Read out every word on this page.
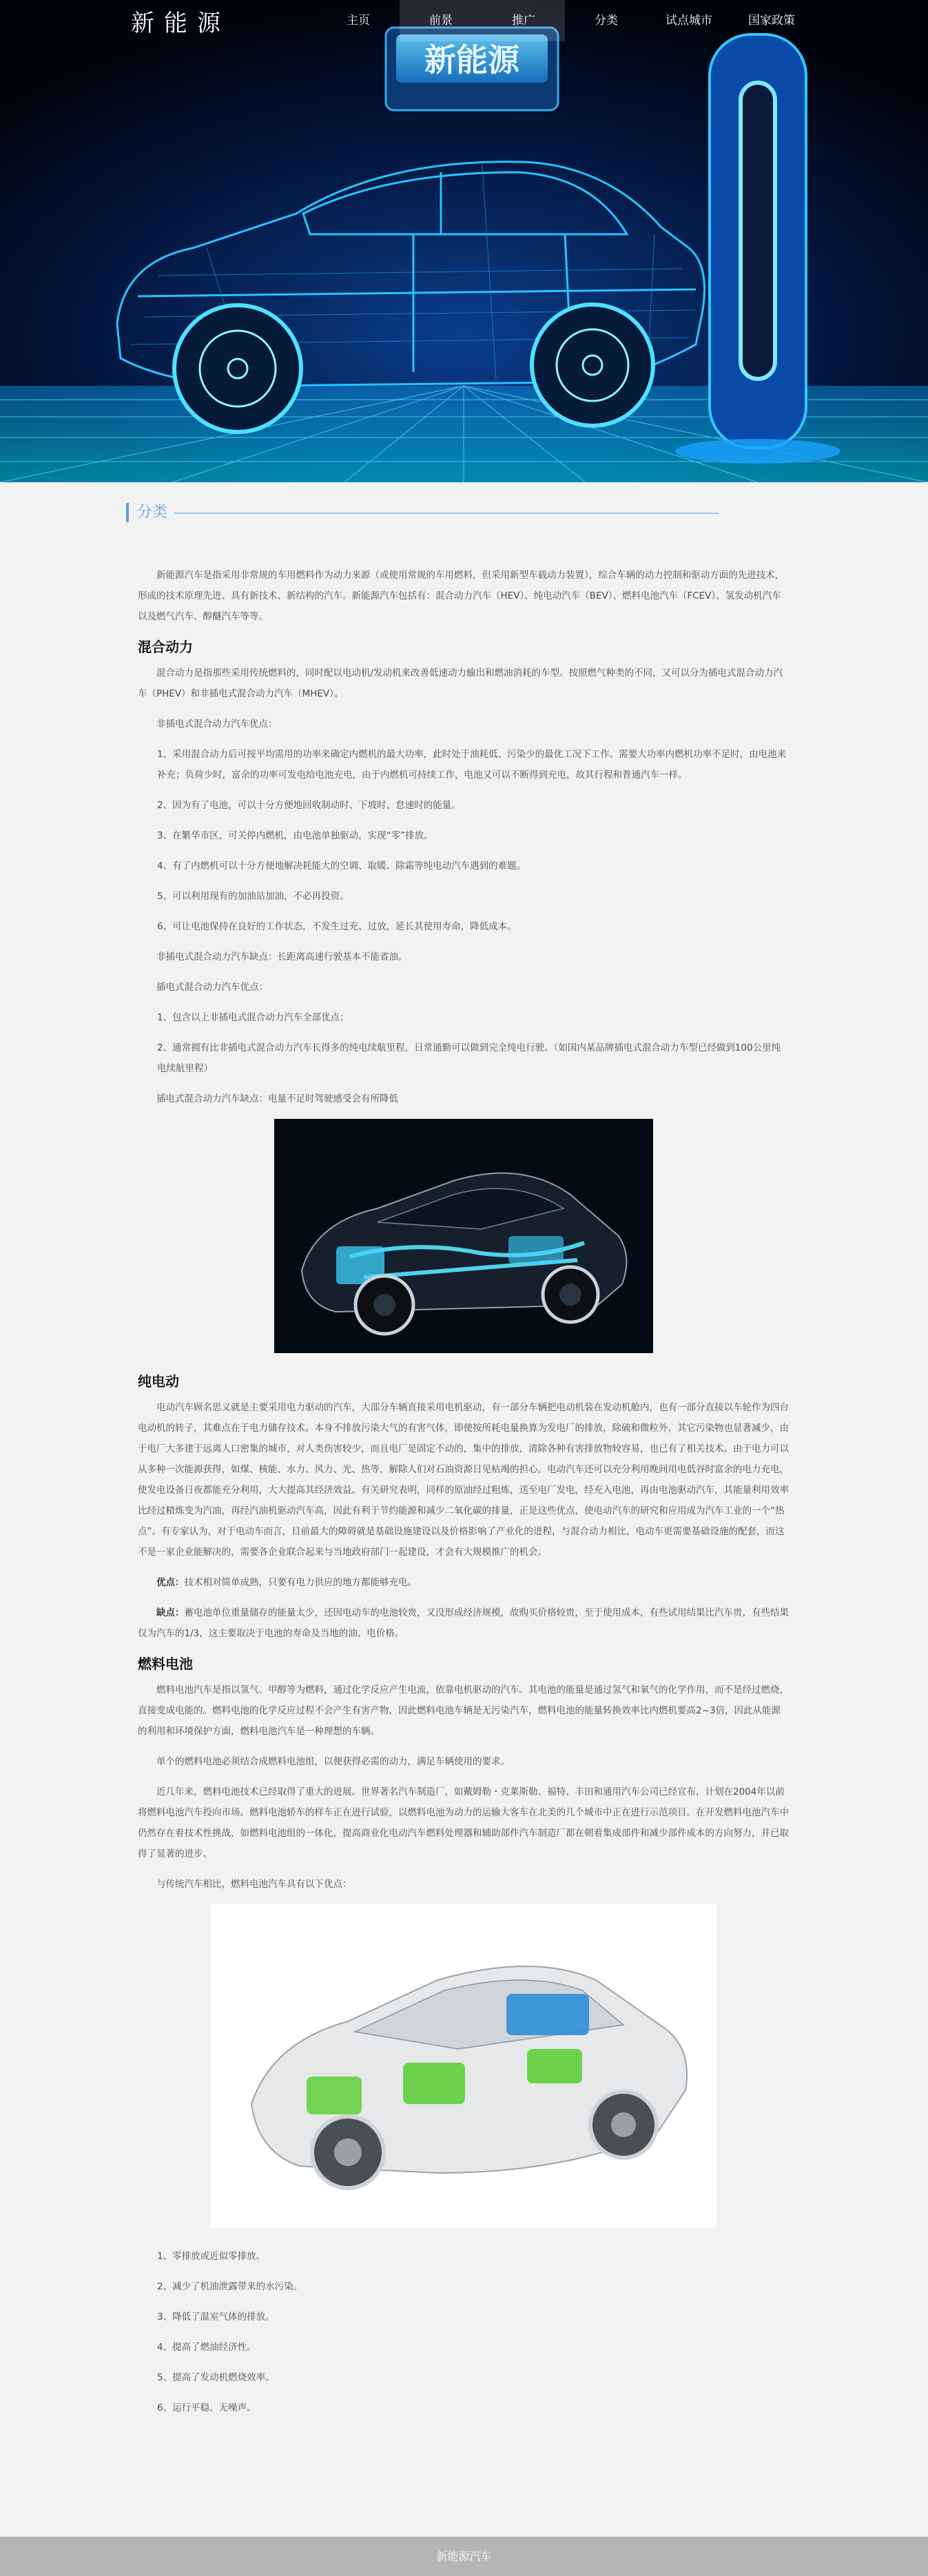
新能源
新能源	主页	前景	推广	分类	试点城市	国家政策
分类

新能源汽车是指采用非常规的车用燃料作为动力来源（或使用常规的车用燃料，但采用新型车载动力装置），综合车辆的动力控制和驱动方面的先进技术，形成的技术原理先进、具有新技术、新结构的汽车。新能源汽车包括有：混合动力汽车（HEV）、纯电动汽车（BEV）、燃料电池汽车（FCEV）、氢发动机汽车以及燃气汽车、醇醚汽车等等。

混合动力

混合动力是指那些采用传统燃料的，同时配以电动机/发动机来改善低速动力输出和燃油消耗的车型。按照燃气种类的不同，又可以分为插电式混合动力汽车（PHEV）和非插电式混合动力汽车（MHEV）。

非插电式混合动力汽车优点：

1、采用混合动力后可按平均需用的功率来确定内燃机的最大功率，此时处于油耗低、污染少的最优工况下工作。需要大功率内燃机功率不足时，由电池来补充；负荷少时，富余的功率可发电给电池充电，由于内燃机可持续工作，电池又可以不断得到充电，故其行程和普通汽车一样。
2、因为有了电池，可以十分方便地回收制动时、下坡时、怠速时的能量。
3、在繁华市区，可关停内燃机，由电池单独驱动，实现“零”排放。
4、有了内燃机可以十分方便地解决耗能大的空调、取暖、除霜等纯电动汽车遇到的难题。
5、可以利用现有的加油站加油，不必再投资。
6、可让电池保持在良好的工作状态，不发生过充、过放，延长其使用寿命，降低成本。

非插电式混合动力汽车缺点：长距离高速行驶基本不能省油。

插电式混合动力汽车优点：

1、包含以上非插电式混合动力汽车全部优点；
2、通常拥有比非插电式混合动力汽车长得多的纯电续航里程，日常通勤可以做到完全纯电行驶。（如国内某品牌插电式混合动力车型已经做到100公里纯电续航里程）

插电式混合动力汽车缺点：电量不足时驾驶感受会有所降低

纯电动

电动汽车顾名思义就是主要采用电力驱动的汽车，大部分车辆直接采用电机驱动，有一部分车辆把电动机装在发动机舱内，也有一部分直接以车轮作为四台电动机的转子，其难点在于电力储存技术。本身不排放污染大气的有害气体，即使按所耗电量换算为发电厂的排放，除硫和微粒外，其它污染物也显著减少，由于电厂大多建于远离人口密集的城市，对人类伤害较少，而且电厂是固定不动的，集中的排放，清除各种有害排放物较容易，也已有了相关技术。由于电力可以从多种一次能源获得，如煤、核能、水力、风力、光、热等，解除人们对石油资源日见枯竭的担心。电动汽车还可以充分利用晚间用电低谷时富余的电力充电，使发电设备日夜都能充分利用，大大提高其经济效益。有关研究表明，同样的原油经过粗炼，送至电厂发电，经充入电池，再由电池驱动汽车，其能量利用效率比经过精炼变为汽油，再经汽油机驱动汽车高，因此有利于节约能源和减少二氧化碳的排量，正是这些优点，使电动汽车的研究和应用成为汽车工业的一个“热点”。有专家认为，对于电动车而言，目前最大的障碍就是基础设施建设以及价格影响了产业化的进程，与混合动力相比，电动车更需要基础设施的配套，而这不是一家企业能解决的，需要各企业联合起来与当地政府部门一起建设，才会有大规模推广的机会。

优点：技术相对简单成熟，只要有电力供应的地方都能够充电。

缺点：蓄电池单位重量储存的能量太少，还因电动车的电池较贵，又没形成经济规模，故购买价格较贵，至于使用成本，有些试用结果比汽车贵，有些结果仅为汽车的1/3，这主要取决于电池的寿命及当地的油、电价格。

燃料电池

燃料电池汽车是指以氢气、甲醇等为燃料，通过化学反应产生电流，依靠电机驱动的汽车。其电池的能量是通过氢气和氧气的化学作用，而不是经过燃烧，直接变成电能的。燃料电池的化学反应过程不会产生有害产物，因此燃料电池车辆是无污染汽车，燃料电池的能量转换效率比内燃机要高2~3倍，因此从能源的利用和环境保护方面，燃料电池汽车是一种理想的车辆。

单个的燃料电池必须结合成燃料电池组，以便获得必需的动力，满足车辆使用的要求。

近几年来，燃料电池技术已经取得了重大的进展。世界著名汽车制造厂，如戴姆勒・克莱斯勒、福特、丰田和通用汽车公司已经宣布，计划在2004年以前将燃料电池汽车投向市场。燃料电池轿车的样车正在进行试验，以燃料电池为动力的运输大客车在北美的几个城市中正在进行示范项目。在开发燃料电池汽车中仍然存在着技术性挑战，如燃料电池组的一体化，提高商业化电动汽车燃料处理器和辅助部件汽车制造厂都在朝着集成部件和减少部件成本的方向努力，并已取得了显著的进步。

与传统汽车相比，燃料电池汽车具有以下优点：

1、零排放或近似零排放。
2、减少了机油泄露带来的水污染。
3、降低了温室气体的排放。
4、提高了燃油经济性。
5、提高了发动机燃烧效率。
6、运行平稳、无噪声。
新能源汽车
